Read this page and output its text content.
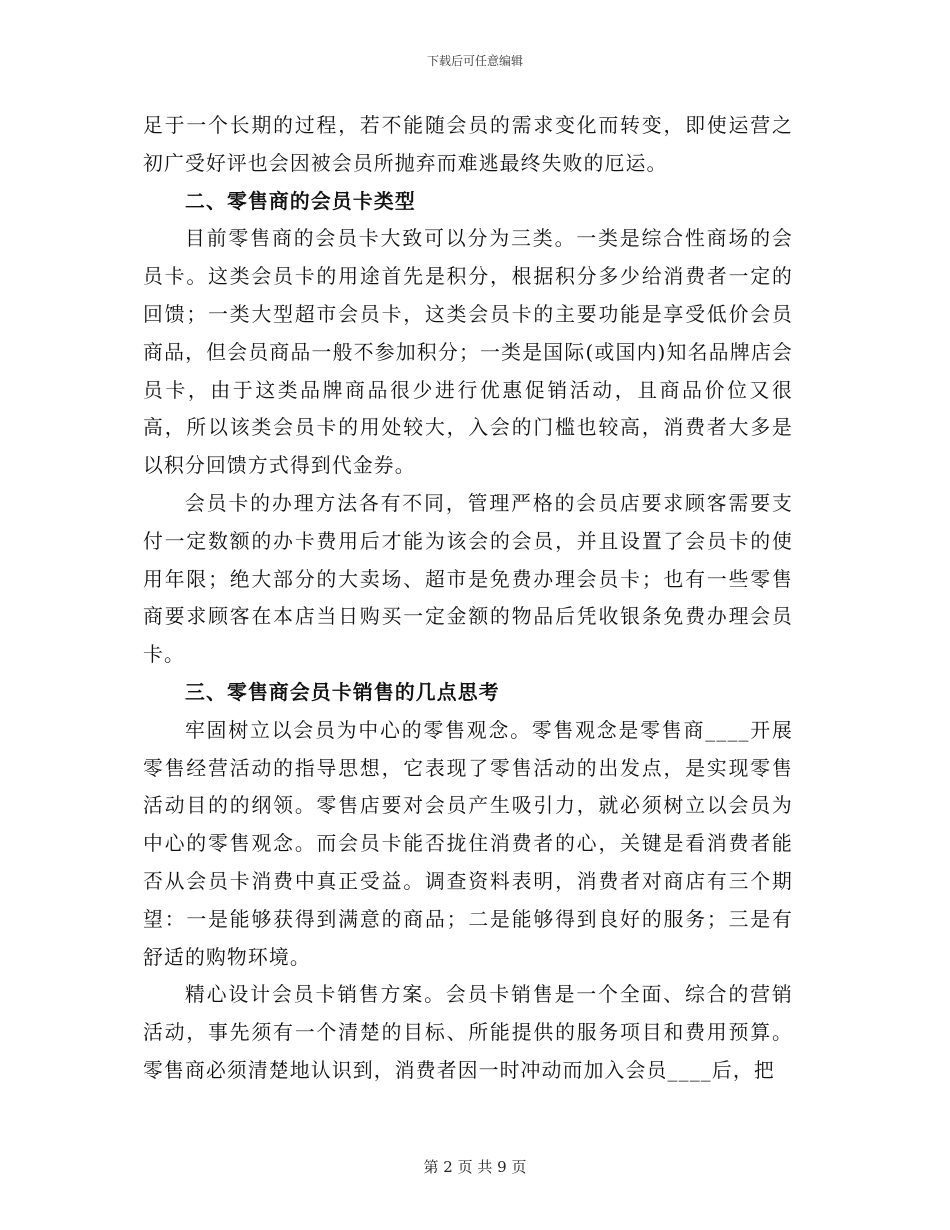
下载后可任意编辑

足于一个长期的过程，若不能随会员的需求变化而转变，即使运营之初广受好评也会因被会员所抛弃而难逃最终失败的厄运。

二、零售商的会员卡类型

目前零售商的会员卡大致可以分为三类。一类是综合性商场的会员卡。这类会员卡的用途首先是积分，根据积分多少给消费者一定的回馈；一类大型超市会员卡，这类会员卡的主要功能是享受低价会员商品，但会员商品一般不参加积分；一类是国际(或国内)知名品牌店会员卡，由于这类品牌商品很少进行优惠促销活动，且商品价位又很高，所以该类会员卡的用处较大，入会的门槛也较高，消费者大多是以积分回馈方式得到代金券。

会员卡的办理方法各有不同，管理严格的会员店要求顾客需要支付一定数额的办卡费用后才能为该会的会员，并且设置了会员卡的使用年限；绝大部分的大卖场、超市是免费办理会员卡；也有一些零售商要求顾客在本店当日购买一定金额的物品后凭收银条免费办理会员卡。

三、零售商会员卡销售的几点思考

牢固树立以会员为中心的零售观念。零售观念是零售商____开展零售经营活动的指导思想，它表现了零售活动的出发点，是实现零售活动目的的纲领。零售店要对会员产生吸引力，就必须树立以会员为中心的零售观念。而会员卡能否拢住消费者的心，关键是看消费者能否从会员卡消费中真正受益。调查资料表明，消费者对商店有三个期望：一是能够获得到满意的商品；二是能够得到良好的服务；三是有舒适的购物环境。

精心设计会员卡销售方案。会员卡销售是一个全面、综合的营销活动，事先须有一个清楚的目标、所能提供的服务项目和费用预算。零售商必须清楚地认识到，消费者因一时冲动而加入会员____后，把

第 2 页 共 9 页
